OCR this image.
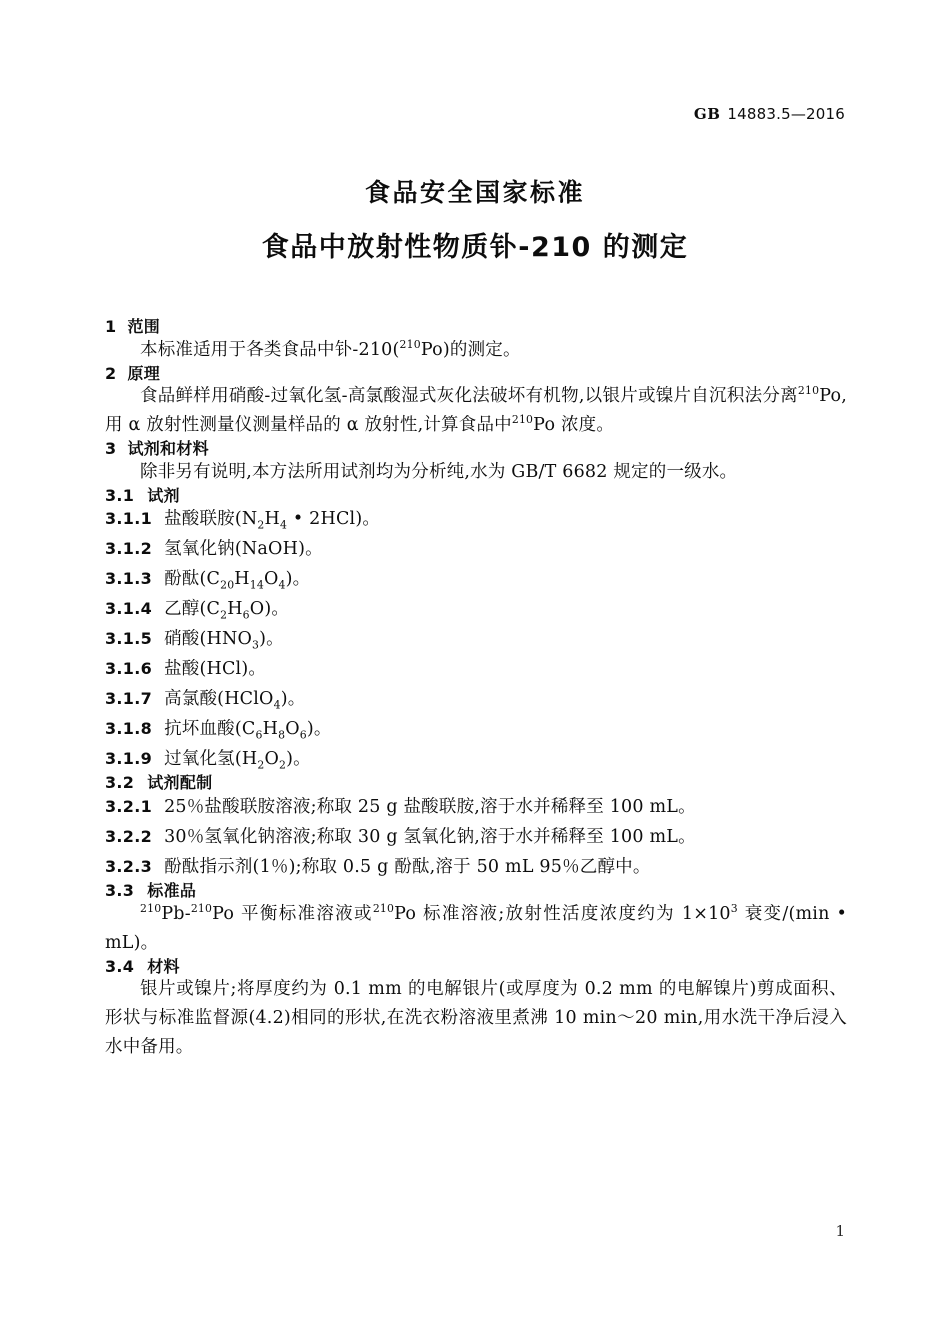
GB 14883.5—2016
食品安全国家标准
食品中放射性物质钋-210 的测定
1 范围

本标准适用于各类食品中钋-210($^{210}$Po)的测定。

2 原理

食品鲜样用硝酸-过氧化氢-高氯酸湿式灰化法破坏有机物,以银片或镍片自沉积法分离$^{210}$Po,用 α 放射性测量仪测量样品的 α 放射性,计算食品中$^{210}$Po 浓度。

3 试剂和材料

除非另有说明,本方法所用试剂均为分析纯,水为 GB/T 6682 规定的一级水。

3.1 试剂

3.1.1 盐酸联胺($N_2H_4$ • 2HCl)。

3.1.2 氢氧化钠(NaOH)。

3.1.3 酚酞$(C_{20}H_{14}O_4)$。

3.1.4 乙醇$(C_2H_6O)$。

3.1.5 硝酸$(HNO_3)$。

3.1.6 盐酸(HCl)。

3.1.7 高氯酸(HClO$_4$)。

3.1.8 抗坏血酸$(C_6H_8O_6)$。

3.1.9 过氧化氢$(H_2O_2)$。

3.2 试剂配制

3.2.1 25％盐酸联胺溶液;称取 25 g 盐酸联胺,溶于水并稀释至 100 mL。

3.2.2 30％氢氧化钠溶液;称取 30 g 氢氧化钠,溶于水并稀释至 100 mL。

3.2.3 酚酞指示剂(1％);称取 0.5 g 酚酞,溶于 50 mL 95％乙醇中。

3.3 标准品

$^{210}$Pb-$^{210}$Po 平衡标准溶液或$^{210}$Po 标准溶液;放射性活度浓度约为 $1\times 10^3$ 衰变/(min • mL)。

3.4 材料

银片或镍片;将厚度约为 0.1 mm 的电解银片(或厚度为 0.2 mm 的电解镍片)剪成面积、形状与标准监督源(4.2)相同的形状,在洗衣粉溶液里煮沸 10 min～20 min,用水洗干净后浸入水中备用。

1
